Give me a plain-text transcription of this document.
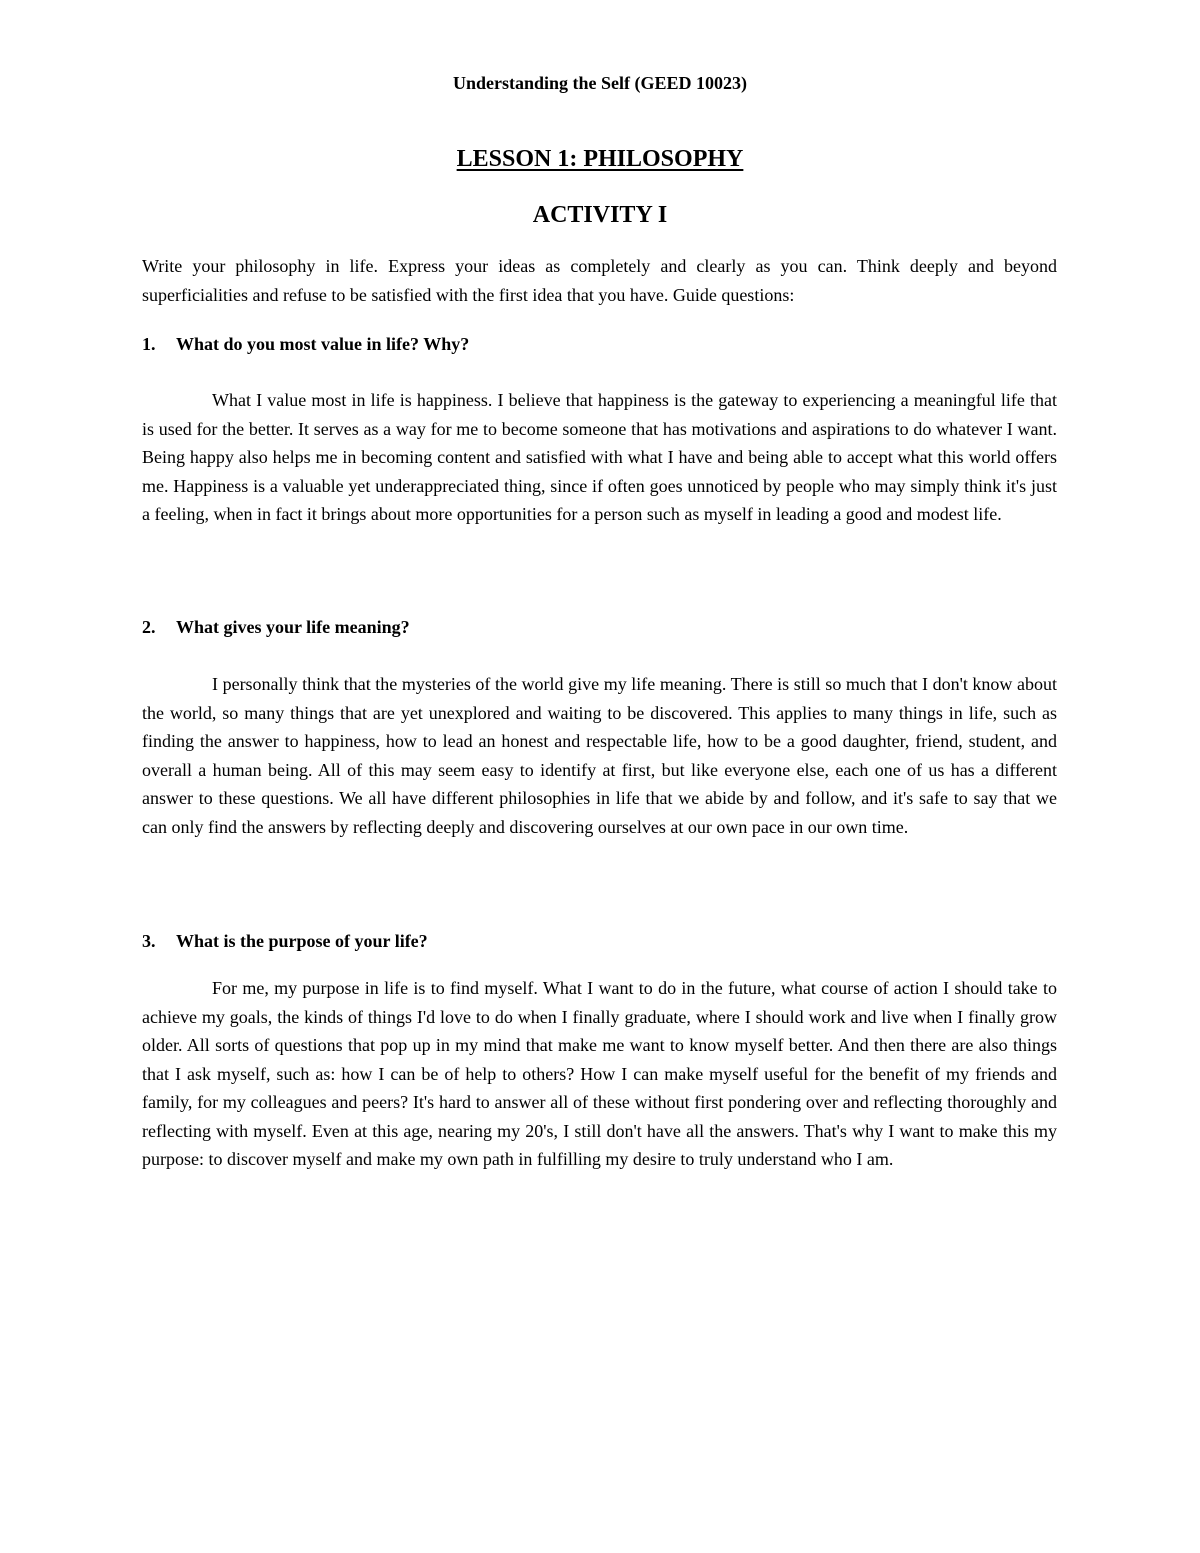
Understanding the Self (GEED 10023)
LESSON 1: PHILOSOPHY
ACTIVITY I
Write your philosophy in life. Express your ideas as completely and clearly as you can. Think deeply and beyond superficialities and refuse to be satisfied with the first idea that you have. Guide questions:
1. What do you most value in life? Why?
What I value most in life is happiness. I believe that happiness is the gateway to experiencing a meaningful life that is used for the better. It serves as a way for me to become someone that has motivations and aspirations to do whatever I want. Being happy also helps me in becoming content and satisfied with what I have and being able to accept what this world offers me. Happiness is a valuable yet underappreciated thing, since if often goes unnoticed by people who may simply think it's just a feeling, when in fact it brings about more opportunities for a person such as myself in leading a good and modest life.
2. What gives your life meaning?
I personally think that the mysteries of the world give my life meaning. There is still so much that I don't know about the world, so many things that are yet unexplored and waiting to be discovered. This applies to many things in life, such as finding the answer to happiness, how to lead an honest and respectable life, how to be a good daughter, friend, student, and overall a human being. All of this may seem easy to identify at first, but like everyone else, each one of us has a different answer to these questions. We all have different philosophies in life that we abide by and follow, and it's safe to say that we can only find the answers by reflecting deeply and discovering ourselves at our own pace in our own time.
3. What is the purpose of your life?
For me, my purpose in life is to find myself. What I want to do in the future, what course of action I should take to achieve my goals, the kinds of things I'd love to do when I finally graduate, where I should work and live when I finally grow older. All sorts of questions that pop up in my mind that make me want to know myself better. And then there are also things that I ask myself, such as: how I can be of help to others? How I can make myself useful for the benefit of my friends and family, for my colleagues and peers? It's hard to answer all of these without first pondering over and reflecting thoroughly and reflecting with myself. Even at this age, nearing my 20's, I still don't have all the answers. That's why I want to make this my purpose: to discover myself and make my own path in fulfilling my desire to truly understand who I am.
